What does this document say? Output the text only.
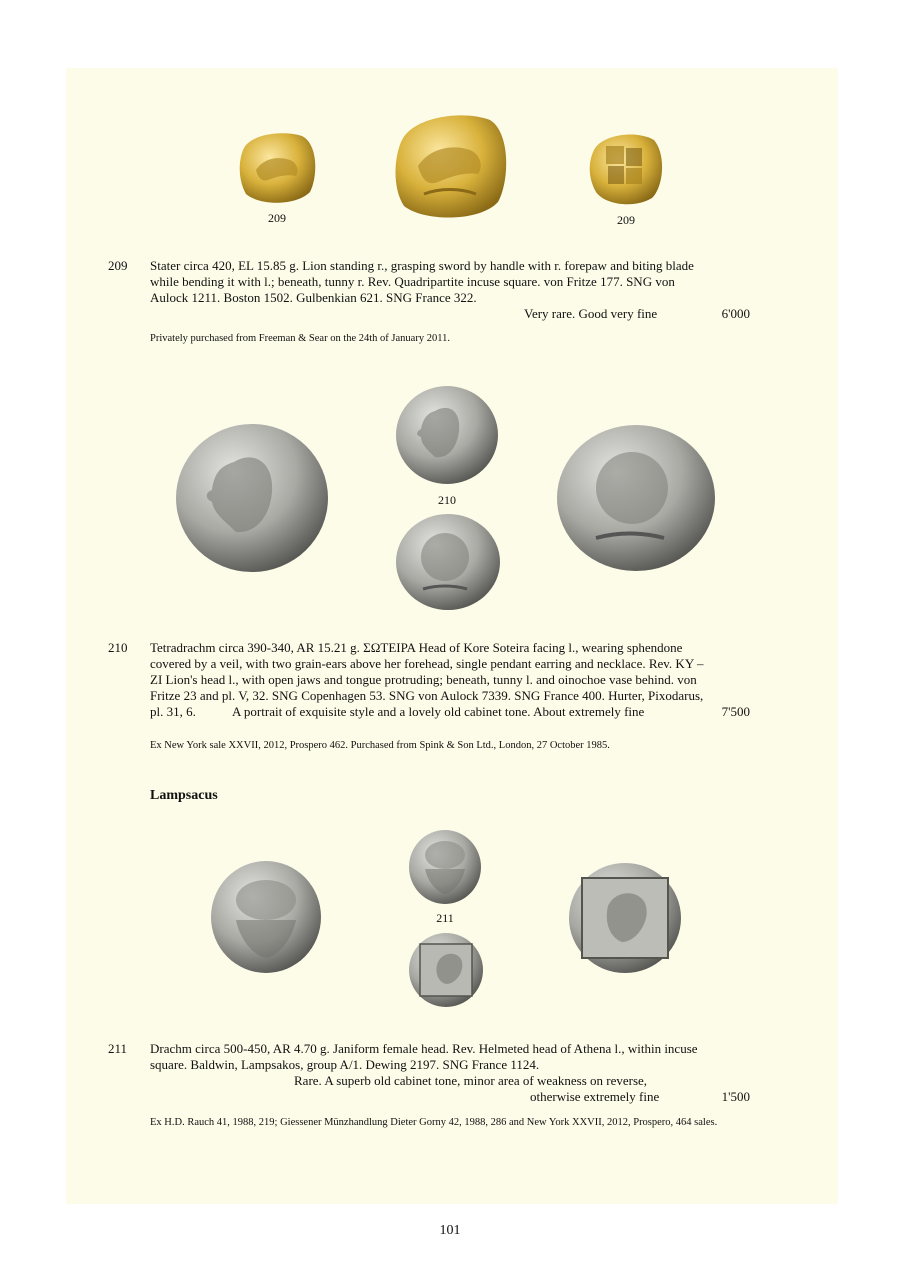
209	209
209 Stater circa 420, EL 15.85 g. Lion standing r., grasping sword by handle with r. forepaw and biting blade
while bending it with l.; beneath, tunny r. Rev. Quadripartite incuse square. von Fritze 177. SNG von
Aulock 1211. Boston 1502. Gulbenkian 621. SNG France 322.
Very rare. Good very fine	6'000
Privately purchased from Freeman & Sear on the 24th of January 2011.
210
210 Tetradrachm circa 390-340, AR 15.21 g. ΣΩΤΕΙΡΑ Head of Kore Soteira facing l., wearing sphendone
covered by a veil, with two grain-ears above her forehead, single pendant earring and necklace. Rev. KY –
ZI Lion's head l., with open jaws and tongue protruding; beneath, tunny l. and oinochoe vase behind. von
Fritze 23 and pl. V, 32. SNG Copenhagen 53. SNG von Aulock 7339. SNG France 400. Hurter, Pixodarus,
pl. 31, 6.	A portrait of exquisite style and a lovely old cabinet tone. About extremely fine	7'500
Ex New York sale XXVII, 2012, Prospero 462. Purchased from Spink & Son Ltd., London, 27 October 1985.
Lampsacus
211
211 Drachm circa 500-450, AR 4.70 g. Janiform female head. Rev. Helmeted head of Athena l., within incuse
square. Baldwin, Lampsakos, group A/1. Dewing 2197. SNG France 1124.
Rare. A superb old cabinet tone, minor area of weakness on reverse,
otherwise extremely fine	1'500
Ex H.D. Rauch 41, 1988, 219; Giessener Münzhandlung Dieter Gorny 42, 1988, 286 and New York XXVII, 2012, Prospero, 464 sales.
101
